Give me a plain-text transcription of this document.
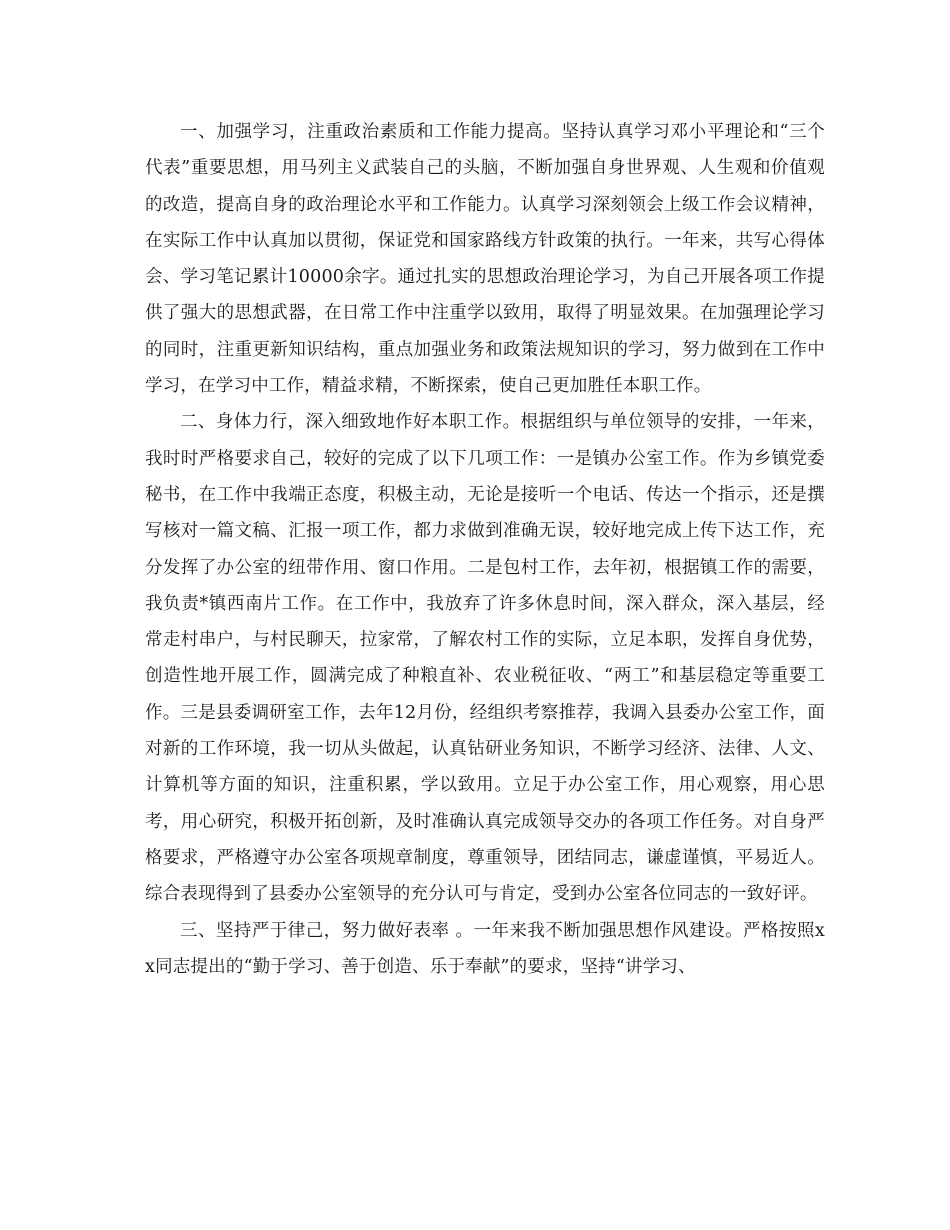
一、加强学习，注重政治素质和工作能力提高。坚持认真学习邓小平理论和“三个代表”重要思想，用马列主义武装自己的头脑，不断加强自身世界观、人生观和价值观的改造，提高自身的政治理论水平和工作能力。认真学习深刻领会上级工作会议精神，在实际工作中认真加以贯彻，保证党和国家路线方针政策的执行。一年来，共写心得体会、学习笔记累计10000余字。通过扎实的思想政治理论学习，为自己开展各项工作提供了强大的思想武器，在日常工作中注重学以致用，取得了明显效果。在加强理论学习的同时，注重更新知识结构，重点加强业务和政策法规知识的学习，努力做到在工作中学习，在学习中工作，精益求精，不断探索，使自己更加胜任本职工作。

二、身体力行，深入细致地作好本职工作。根据组织与单位领导的安排，一年来，我时时严格要求自己，较好的完成了以下几项工作：一是镇办公室工作。作为乡镇党委秘书，在工作中我端正态度，积极主动，无论是接听一个电话、传达一个指示，还是撰写核对一篇文稿、汇报一项工作，都力求做到准确无误，较好地完成上传下达工作，充分发挥了办公室的纽带作用、窗口作用。二是包村工作，去年初，根据镇工作的需要，我负责*镇西南片工作。在工作中，我放弃了许多休息时间，深入群众，深入基层，经常走村串户，与村民聊天，拉家常，了解农村工作的实际，立足本职，发挥自身优势，创造性地开展工作，圆满完成了种粮直补、农业税征收、“两工”和基层稳定等重要工作。三是县委调研室工作，去年12月份，经组织考察推荐，我调入县委办公室工作，面对新的工作环境，我一切从头做起，认真钻研业务知识，不断学习经济、法律、人文、计算机等方面的知识，注重积累，学以致用。立足于办公室工作，用心观察，用心思考，用心研究，积极开拓创新，及时准确认真完成领导交办的各项工作任务。对自身严格要求，严格遵守办公室各项规章制度，尊重领导，团结同志，谦虚谨慎，平易近人。综合表现得到了县委办公室领导的充分认可与肯定，受到办公室各位同志的一致好评。

三、坚持严于律己，努力做好表率 。一年来我不断加强思想作风建设。严格按照xx同志提出的“勤于学习、善于创造、乐于奉献”的要求，坚持“讲学习、
